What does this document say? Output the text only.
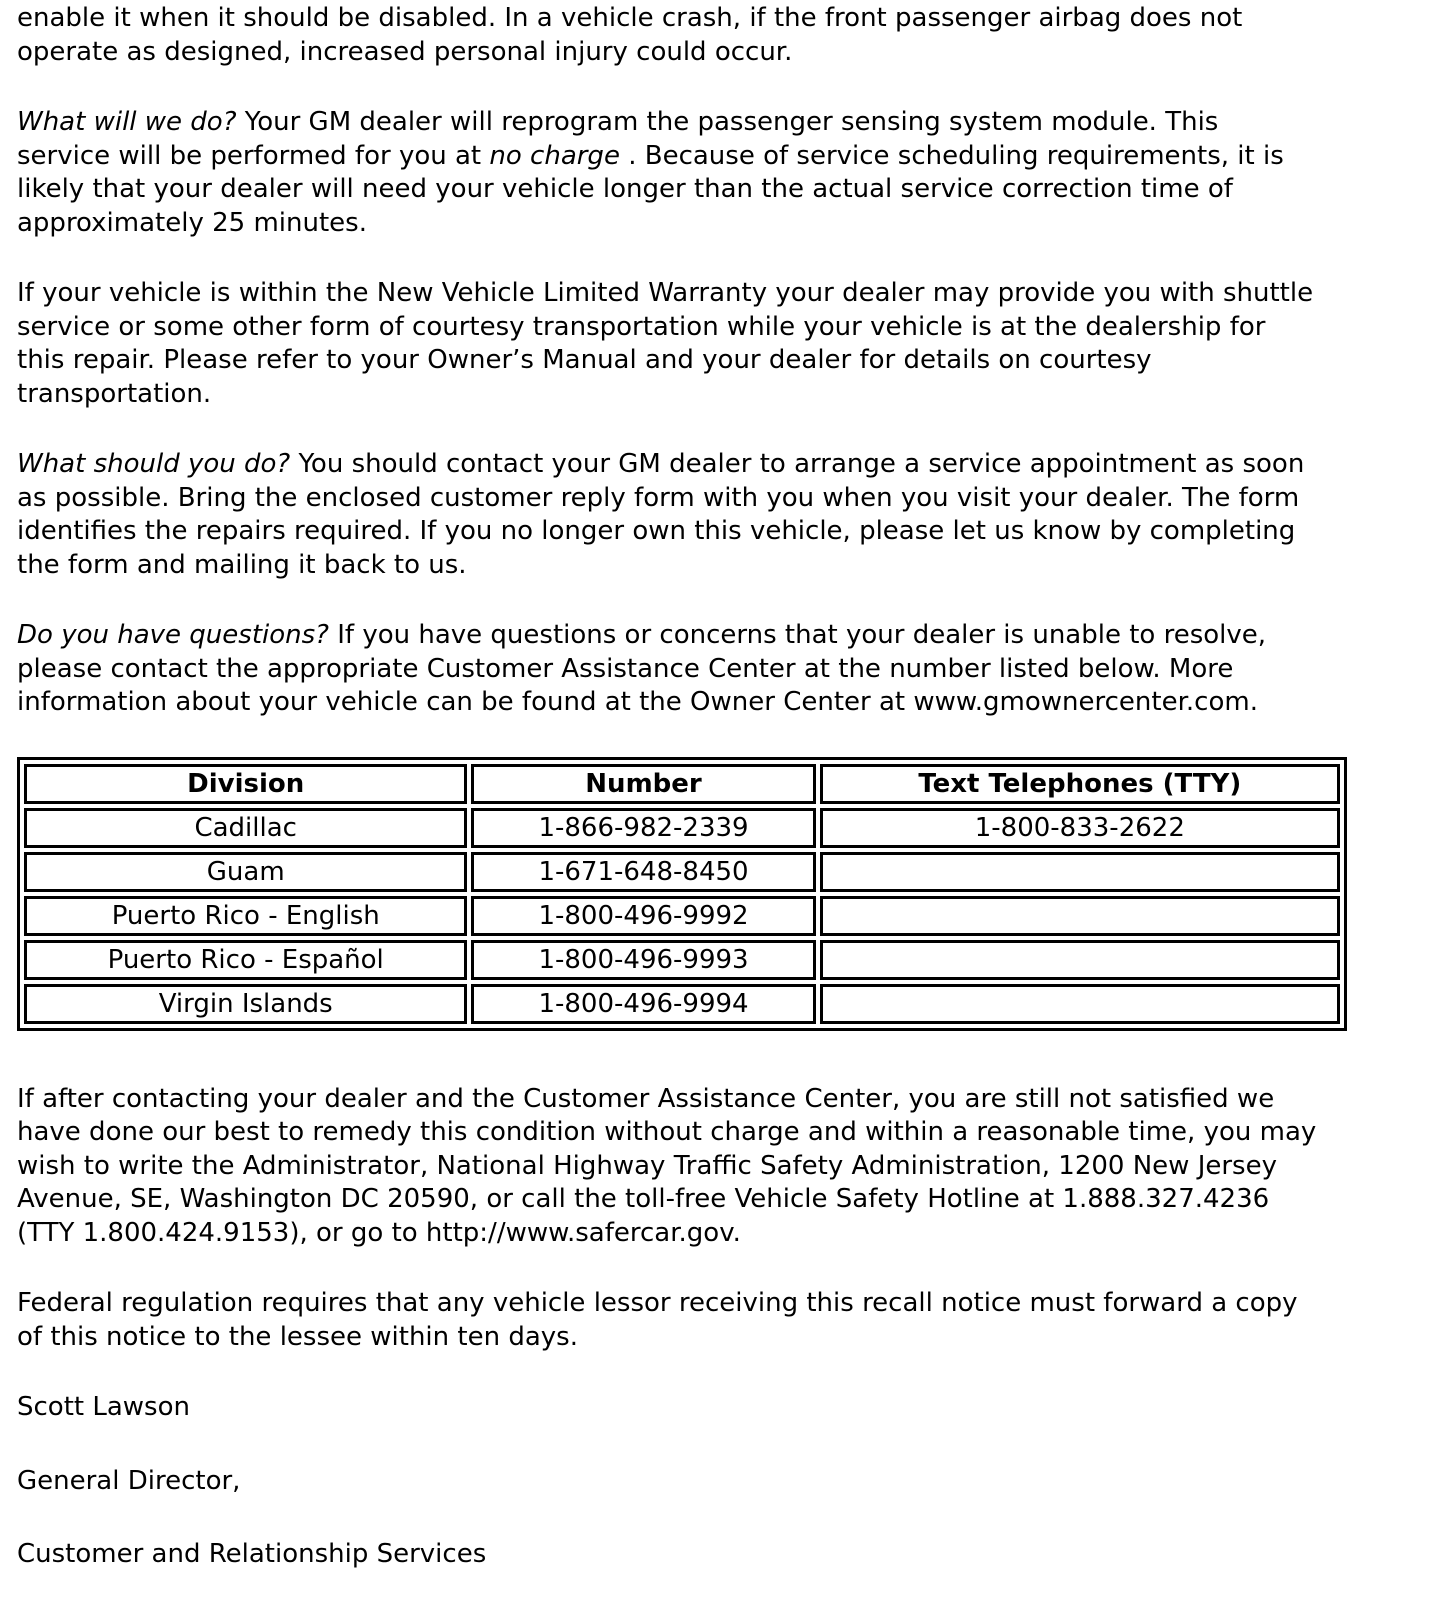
enable it when it should be disabled. In a vehicle crash, if the front passenger airbag does not
operate as designed, increased personal injury could occur.

What will we do? Your GM dealer will reprogram the passenger sensing system module. This
service will be performed for you at no charge . Because of service scheduling requirements, it is
likely that your dealer will need your vehicle longer than the actual service correction time of
approximately 25 minutes.

If your vehicle is within the New Vehicle Limited Warranty your dealer may provide you with shuttle
service or some other form of courtesy transportation while your vehicle is at the dealership for
this repair. Please refer to your Owner’s Manual and your dealer for details on courtesy
transportation.

What should you do? You should contact your GM dealer to arrange a service appointment as soon
as possible. Bring the enclosed customer reply form with you when you visit your dealer. The form
identifies the repairs required. If you no longer own this vehicle, please let us know by completing
the form and mailing it back to us.

Do you have questions? If you have questions or concerns that your dealer is unable to resolve,
please contact the appropriate Customer Assistance Center at the number listed below. More
information about your vehicle can be found at the Owner Center at www.gmownercenter.com.

Division	Number	Text Telephones (TTY)
Cadillac	1-866-982-2339	1-800-833-2622
Guam	1-671-648-8450	
Puerto Rico - English	1-800-496-9992	
Puerto Rico - Español	1-800-496-9993	
Virgin Islands	1-800-496-9994	

If after contacting your dealer and the Customer Assistance Center, you are still not satisfied we
have done our best to remedy this condition without charge and within a reasonable time, you may
wish to write the Administrator, National Highway Traffic Safety Administration, 1200 New Jersey
Avenue, SE, Washington DC 20590, or call the toll-free Vehicle Safety Hotline at 1.888.327.4236
(TTY 1.800.424.9153), or go to http://www.safercar.gov.

Federal regulation requires that any vehicle lessor receiving this recall notice must forward a copy
of this notice to the lessee within ten days.

Scott Lawson

General Director,

Customer and Relationship Services
